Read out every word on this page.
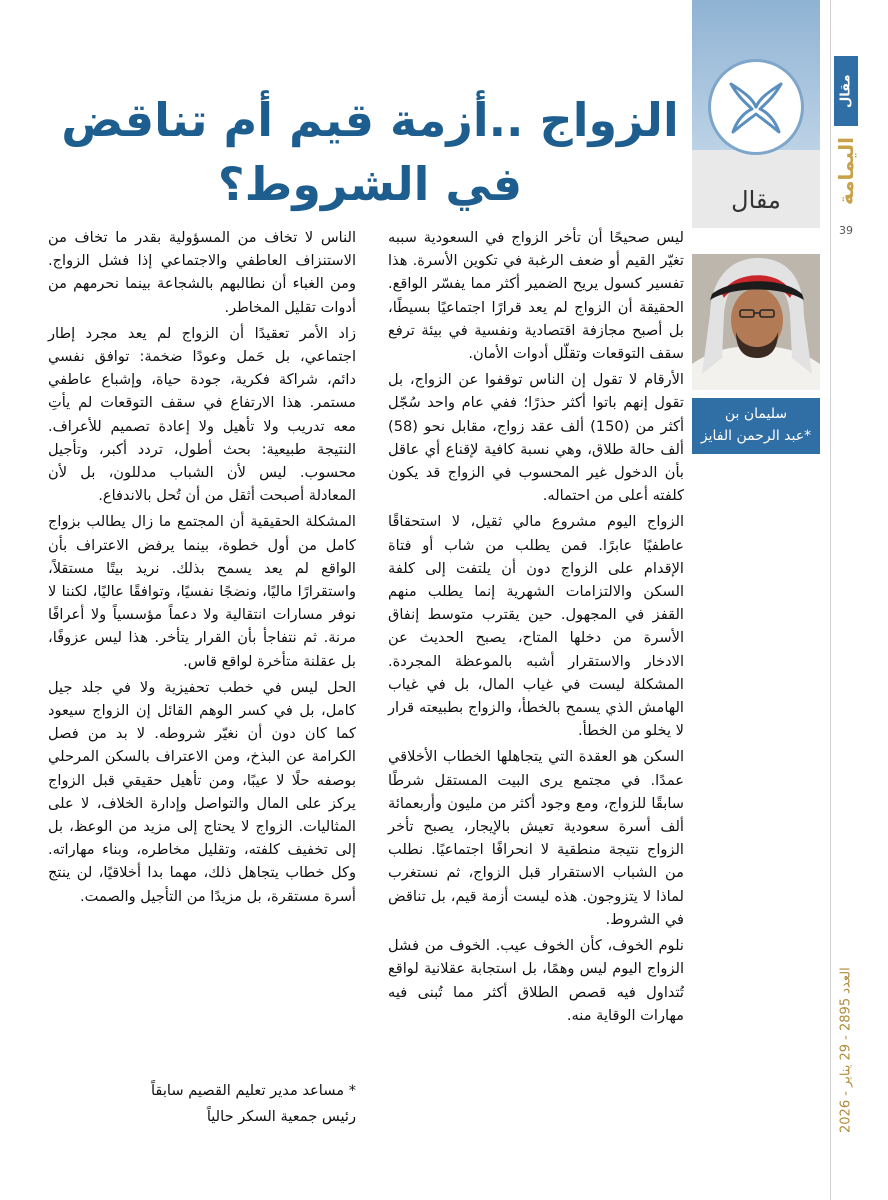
مقال
اليمامة
39
العدد 2895 - 29 يناير - 2026
مقال
سليمان بن
عبد الرحمن الفايز*
الزواج ..أزمة قيم أم تناقض
في الشروط؟

ليس صحيحًا أن تأخر الزواج في السعودية سببه تغيّر القيم أو ضعف الرغبة في تكوين الأسرة. هذا تفسير كسول يريح الضمير أكثر مما يفسّر الواقع. الحقيقة أن الزواج لم يعد قرارًا اجتماعيًا بسيطًا، بل أصبح مجازفة اقتصادية ونفسية في بيئة ترفع سقف التوقعات وتقلّل أدوات الأمان.

الأرقام لا تقول إن الناس توقفوا عن الزواج، بل تقول إنهم باتوا أكثر حذرًا؛ ففي عام واحد سُجّل أكثر من (150) ألف عقد زواج، مقابل نحو (58) ألف حالة طلاق، وهي نسبة كافية لإقناع أي عاقل بأن الدخول غير المحسوب في الزواج قد يكون كلفته أعلى من احتماله.

الزواج اليوم مشروع مالي ثقيل، لا استحقاقًا عاطفيًا عابرًا. فمن يطلب من شاب أو فتاة الإقدام على الزواج دون أن يلتفت إلى كلفة السكن والالتزامات الشهرية إنما يطلب منهم القفز في المجهول. حين يقترب متوسط إنفاق الأسرة من دخلها المتاح، يصبح الحديث عن الادخار والاستقرار أشبه بالموعظة المجردة. المشكلة ليست في غياب المال، بل في غياب الهامش الذي يسمح بالخطأ، والزواج بطبيعته قرار لا يخلو من الخطأ.

السكن هو العقدة التي يتجاهلها الخطاب الأخلاقي عمدًا. في مجتمع يرى البيت المستقل شرطًا سابقًا للزواج، ومع وجود أكثر من مليون وأربعمائة ألف أسرة سعودية تعيش بالإيجار، يصبح تأخر الزواج نتيجة منطقية لا انحرافًا اجتماعيًا. نطلب من الشباب الاستقرار قبل الزواج، ثم نستغرب لماذا لا يتزوجون. هذه ليست أزمة قيم، بل تناقض في الشروط.

نلوم الخوف، كأن الخوف عيب. الخوف من فشل الزواج اليوم ليس وهمًا، بل استجابة عقلانية لواقع تُتداول فيه قصص الطلاق أكثر مما تُبنى فيه مهارات الوقاية منه.

الناس لا تخاف من المسؤولية بقدر ما تخاف من الاستنزاف العاطفي والاجتماعي إذا فشل الزواج. ومن الغباء أن نطالبهم بالشجاعة بينما نحرمهم من أدوات تقليل المخاطر.

زاد الأمر تعقيدًا أن الزواج لم يعد مجرد إطار اجتماعي، بل حَمل وعودًا ضخمة: توافق نفسي دائم، شراكة فكرية، جودة حياة، وإشباع عاطفي مستمر. هذا الارتفاع في سقف التوقعات لم يأتِ معه تدريب ولا تأهيل ولا إعادة تصميم للأعراف. النتيجة طبيعية: بحث أطول، تردد أكبر، وتأجيل محسوب. ليس لأن الشباب مدللون، بل لأن المعادلة أصبحت أثقل من أن تُحل بالاندفاع.

المشكلة الحقيقية أن المجتمع ما زال يطالب بزواج كامل من أول خطوة، بينما يرفض الاعتراف بأن الواقع لم يعد يسمح بذلك. نريد بيتًا مستقلاً، واستقرارًا ماليًا، ونضجًا نفسيًا، وتوافقًا عاليًا، لكننا لا نوفر مسارات انتقالية ولا دعماً مؤسسياً ولا أعرافًا مرنة. ثم نتفاجأ بأن القرار يتأخر. هذا ليس عزوفًا، بل عقلنة متأخرة لواقع قاس.

الحل ليس في خطب تحفيزية ولا في جلد جيل كامل، بل في كسر الوهم القائل إن الزواج سيعود كما كان دون أن نغيّر شروطه. لا بد من فصل الكرامة عن البذخ، ومن الاعتراف بالسكن المرحلي بوصفه حلًا لا عيبًا، ومن تأهيل حقيقي قبل الزواج يركز على المال والتواصل وإدارة الخلاف، لا على المثاليات. الزواج لا يحتاج إلى مزيد من الوعظ، بل إلى تخفيف كلفته، وتقليل مخاطره، وبناء مهاراته. وكل خطاب يتجاهل ذلك، مهما بدا أخلاقيًا، لن ينتج أسرة مستقرة، بل مزيدًا من التأجيل والصمت.

* مساعد مدير تعليم القصيم سابقاً
رئيس جمعية السكر حالياً
